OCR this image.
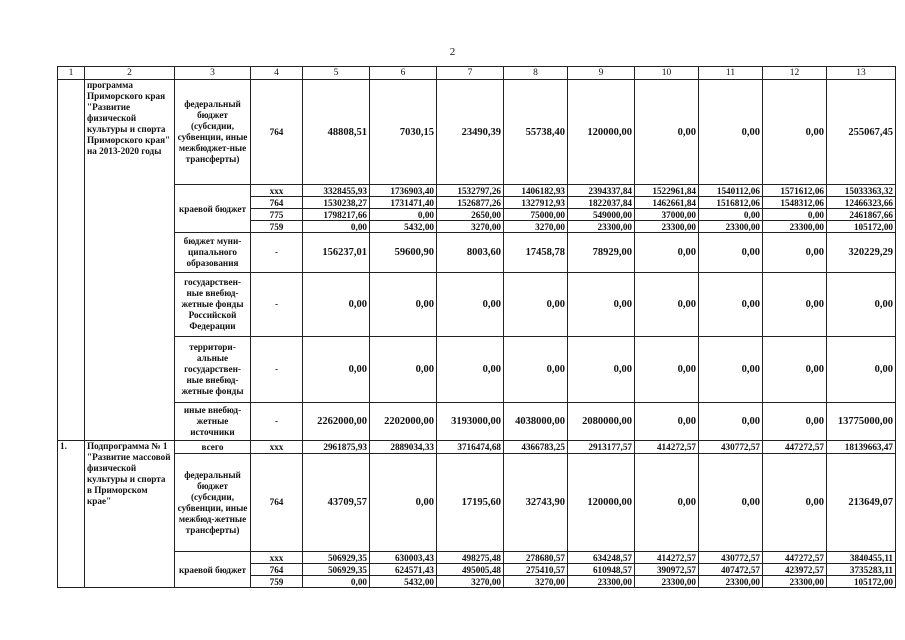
2
1	2	3	4	5	6	7	8	9	10	11	12	13
	программа Приморского края "Развитие физической культуры и спорта Приморского края" на 2013-2020 годы	федеральный бюджет (субсидии, субвенции, иные межбюджет-ные трансферты)	764	48808,51	7030,15	23490,39	55738,40	120000,00	0,00	0,00	0,00	255067,45
		краевой бюджет	xxx	3328455,93	1736903,40	1532797,26	1406182,93	2394337,84	1522961,84	1540112,06	1571612,06	15033363,32
			764	1530238,27	1731471,40	1526877,26	1327912,93	1822037,84	1462661,84	1516812,06	1548312,06	12466323,66
			775	1798217,66	0,00	2650,00	75000,00	549000,00	37000,00	0,00	0,00	2461867,66
			759	0,00	5432,00	3270,00	3270,00	23300,00	23300,00	23300,00	23300,00	105172,00
		бюджет муни-ципального образования	-	156237,01	59600,90	8003,60	17458,78	78929,00	0,00	0,00	0,00	320229,29
		государствен-ные внебюд-жетные фонды Российской Федерации	-	0,00	0,00	0,00	0,00	0,00	0,00	0,00	0,00	0,00
		территори-альные государствен-ные внебюд-жетные фонды	-	0,00	0,00	0,00	0,00	0,00	0,00	0,00	0,00	0,00
		иные внебюд-жетные источники	-	2262000,00	2202000,00	3193000,00	4038000,00	2080000,00	0,00	0,00	0,00	13775000,00
1.	Подпрограмма № 1 "Развитие массовой физической культуры и спорта в Приморском крае"	всего	xxx	2961875,93	2889034,33	3716474,68	4366783,25	2913177,57	414272,57	430772,57	447272,57	18139663,47
		федеральный бюджет (субсидии, субвенции, иные межбюд-жетные трансферты)	764	43709,57	0,00	17195,60	32743,90	120000,00	0,00	0,00	0,00	213649,07
		краевой бюджет	xxx	506929,35	630003,43	498275,48	278680,57	634248,57	414272,57	430772,57	447272,57	3840455,11
			764	506929,35	624571,43	495005,48	275410,57	610948,57	390972,57	407472,57	423972,57	3735283,11
			759	0,00	5432,00	3270,00	3270,00	23300,00	23300,00	23300,00	23300,00	105172,00
